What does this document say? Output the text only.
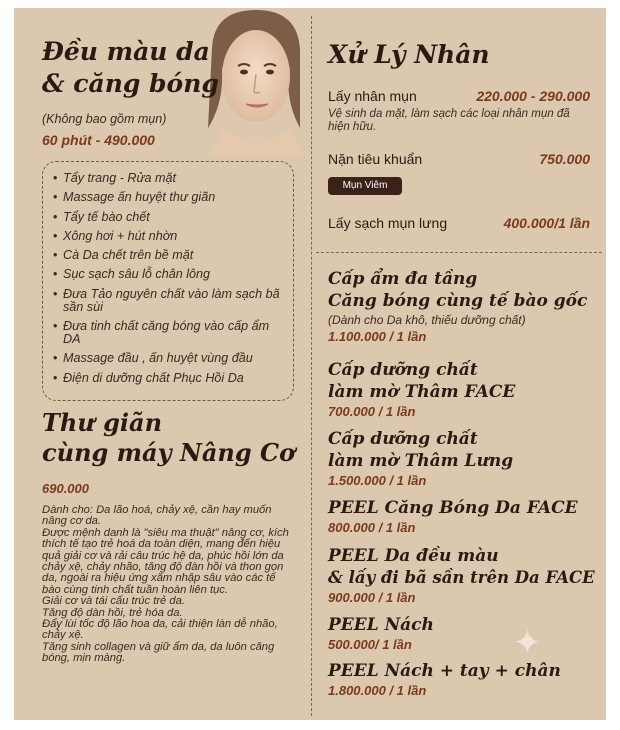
Đều màu da
& căng bóng
(Không bao gồm mụn)
60 phút - 490.000
• Tẩy trang - Rửa mặt
• Massage ấn huyệt thư giãn
• Tẩy tế bào chết
• Xông hơi + hút nhờn
• Cà Da chết trên bề mặt
• Sục sạch sâu lỗ chân lông
• Đưa Tảo nguyên chất vào làm sạch bã sần sùi
• Đưa tinh chất căng bóng vào cấp ẩm DA
• Massage đầu , ấn huyệt vùng đầu
• Điện di dưỡng chất Phục Hồi Da
Thư giãn
cùng máy Nâng Cơ
690.000

Dành cho: Da lão hoá, chảy xệ, cần hay muốn nâng cơ da.

Được mệnh danh là "siêu ma thuật" nâng cơ, kích thích tế tạo trẻ hoá da toàn diện, mang đến hiệu quả giải cơ và rải câu trúc hệ da, phúc hồi lớn da chảy xệ, chảy nhão, tăng độ đàn hồi và thon gọn da, ngoài ra hiệu ứng xăm nhập sâu vào các tế bào cùng tinh chất tuần hoàn liên tục.

Giải cơ và tái cấu trúc trẻ da.

Tăng độ dàn hồi, trẻ hóa da.

Đẩy lùi tốc độ lão hoa da, cải thiện làn dễ nhão, chảy xệ.

Tăng sinh collagen và giữ ẩm da, da luôn căng bóng, mịn màng.

Xử Lý Nhân
Lấy nhân mụn	220.000 - 290.000
Vệ sinh da mặt, làm sạch các loại nhân mụn đã hiện hữu.
Nặn tiêu khuẩn	750.000
Mụn Viêm
Lấy sạch mụn lưng	400.000/1 lần
Cấp ẩm đa tầng
Căng bóng cùng tế bào gốc
(Dành cho Da khô, thiếu dưỡng chất)
1.100.000 / 1 lần
Cấp dưỡng chất
làm mờ Thâm FACE
700.000 / 1 lần
Cấp dưỡng chất
làm mờ Thâm Lưng
1.500.000 / 1 lần
PEEL Căng Bóng Da FACE
800.000 / 1 lần
PEEL Da đều màu
& lấy đi bã sần trên Da FACE
900.000 / 1 lần
PEEL Nách
500.000/ 1 lần
PEEL Nách + tay + chân
1.800.000 / 1 lần
✦
